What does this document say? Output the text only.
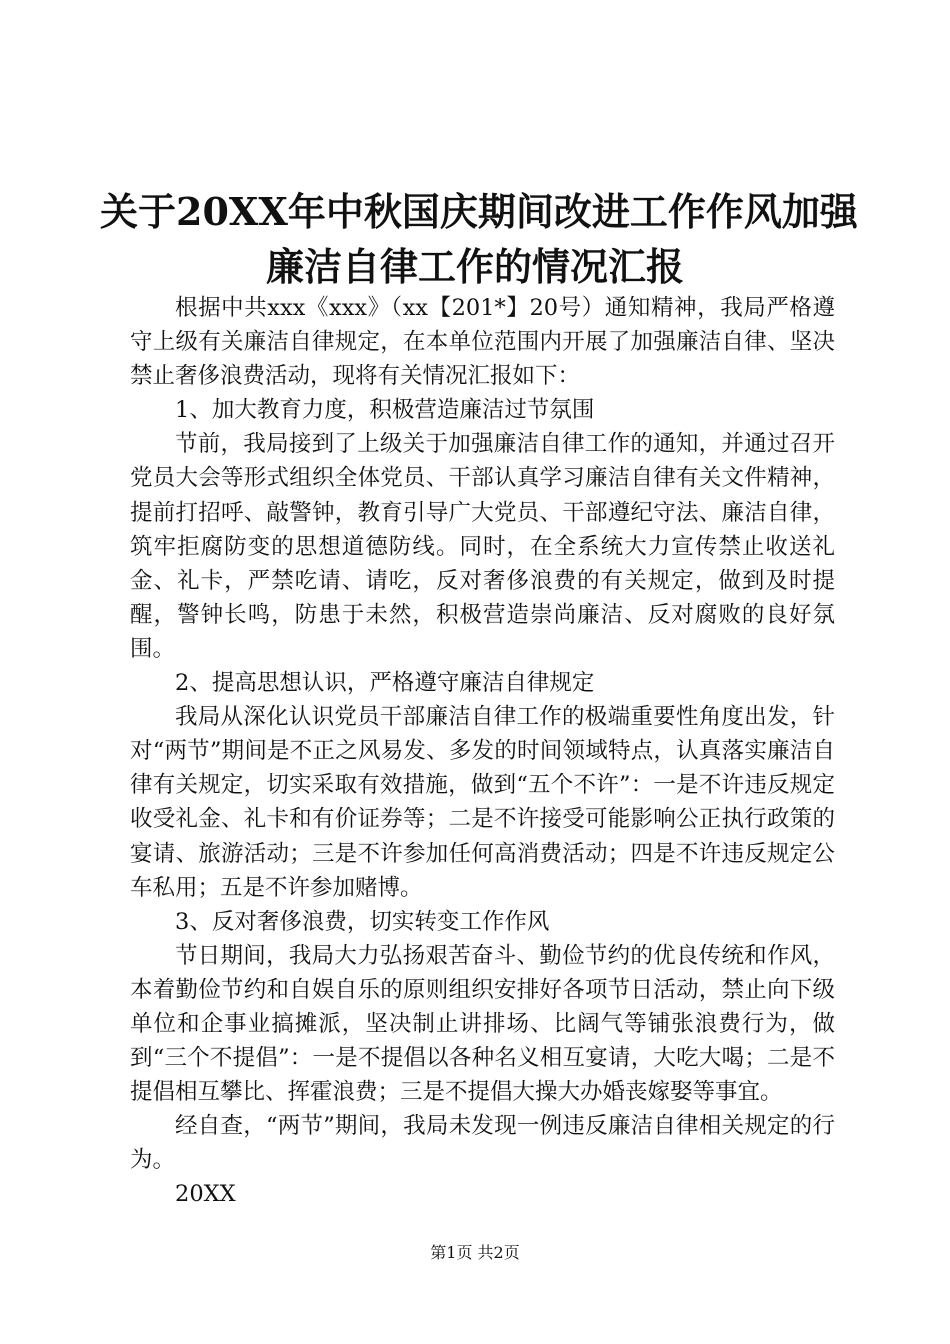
关于20XX年中秋国庆期间改进工作作风加强
廉洁自律工作的情况汇报

根据中共xxx《xxx》（xx【201*】20号）通知精神，我局严格遵守上级有关廉洁自律规定，在本单位范围内开展了加强廉洁自律、坚决禁止奢侈浪费活动，现将有关情况汇报如下：

1、加大教育力度，积极营造廉洁过节氛围

节前，我局接到了上级关于加强廉洁自律工作的通知，并通过召开党员大会等形式组织全体党员、干部认真学习廉洁自律有关文件精神，提前打招呼、敲警钟，教育引导广大党员、干部遵纪守法、廉洁自律，筑牢拒腐防变的思想道德防线。同时，在全系统大力宣传禁止收送礼金、礼卡，严禁吃请、请吃，反对奢侈浪费的有关规定，做到及时提醒，警钟长鸣，防患于未然，积极营造崇尚廉洁、反对腐败的良好氛围。

2、提高思想认识，严格遵守廉洁自律规定

我局从深化认识党员干部廉洁自律工作的极端重要性角度出发，针对“两节”期间是不正之风易发、多发的时间领域特点，认真落实廉洁自律有关规定，切实采取有效措施，做到“五个不许”：一是不许违反规定收受礼金、礼卡和有价证券等；二是不许接受可能影响公正执行政策的宴请、旅游活动；三是不许参加任何高消费活动；四是不许违反规定公车私用；五是不许参加赌博。

3、反对奢侈浪费，切实转变工作作风

节日期间，我局大力弘扬艰苦奋斗、勤俭节约的优良传统和作风，本着勤俭节约和自娱自乐的原则组织安排好各项节日活动，禁止向下级单位和企事业搞摊派，坚决制止讲排场、比阔气等铺张浪费行为，做到“三个不提倡”：一是不提倡以各种名义相互宴请，大吃大喝；二是不提倡相互攀比、挥霍浪费；三是不提倡大操大办婚丧嫁娶等事宜。

经自查，“两节”期间，我局未发现一例违反廉洁自律相关规定的行为。

20XX

第1页 共2页
